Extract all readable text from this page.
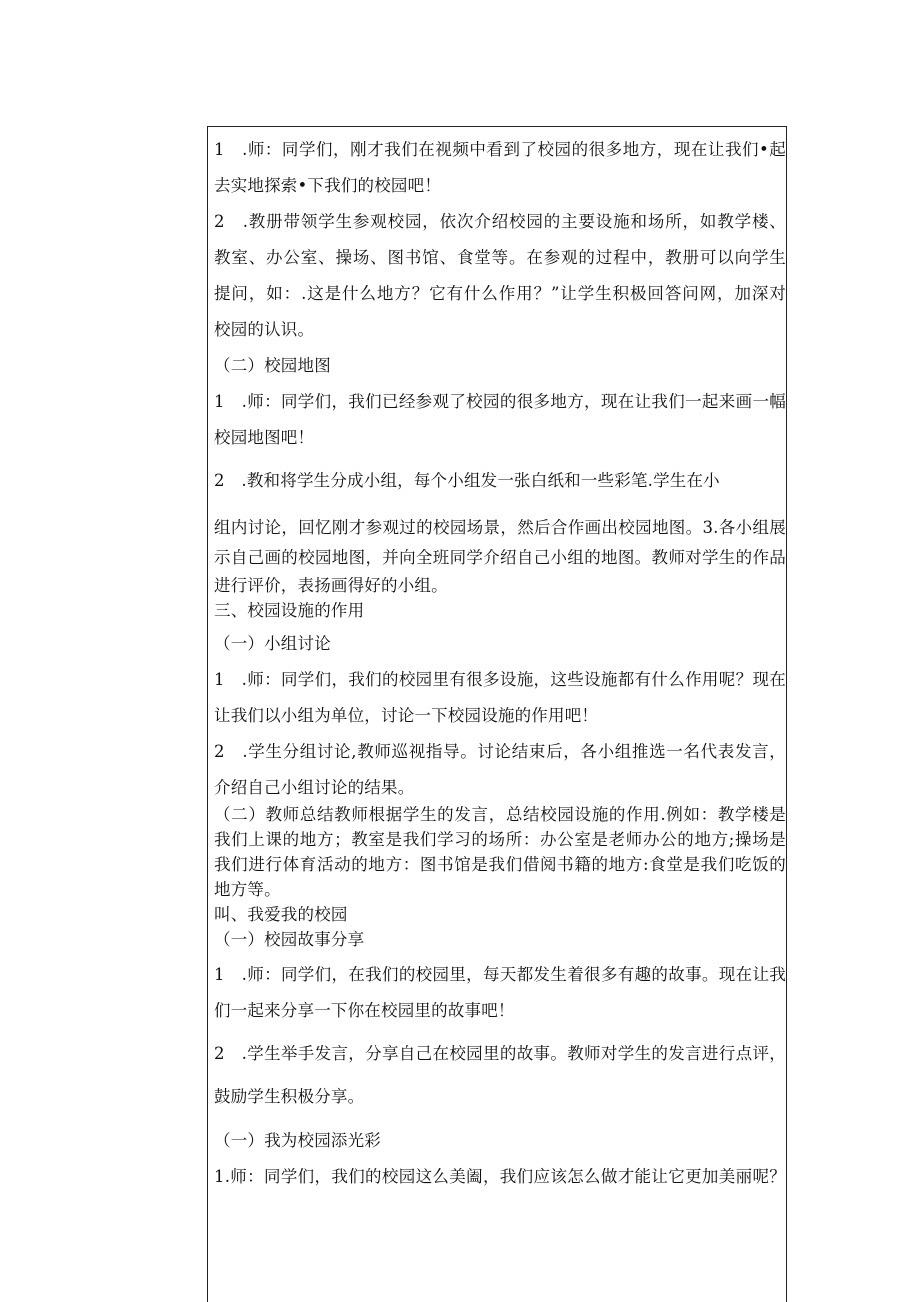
1　.师：同学们，刚才我们在视频中看到了校园的很多地方，现在让我们•起
去实地探索•下我们的校园吧！
2　.教册带领学生参观校园，依次介绍校园的主要设施和场所，如教学楼、
教室、办公室、操场、图书馆、食堂等。在参观的过程中，教册可以向学生
提问，如：.这是什么地方？它有什么作用？”让学生积极回答问网，加深对
校园的认识。
（二）校园地图
1　.师：同学们，我们已经参观了校园的很多地方，现在让我们一起来画一幅
校园地图吧！
2　.教和将学生分成小组，每个小组发一张白纸和一些彩笔.学生在小
组内讨论，回忆刚才参观过的校园场景，然后合作画出校园地图。3.各小组展
示自己画的校园地图，并向全班同学介绍自己小组的地图。教师对学生的作品
进行评价，表扬画得好的小组。
三、校园设施的作用
（一）小组讨论
1　.师：同学们，我们的校园里有很多设施，这些设施都有什么作用呢？现在
让我们以小组为单位，讨论一下校园设施的作用吧！
2　.学生分组讨论,教师巡视指导。讨论结束后，各小组推选一名代表发言，
介绍自己小组讨论的结果。
（二）教师总结教师根据学生的发言，总结校园设施的作用.例如：教学楼是
我们上课的地方；教室是我们学习的场所：办公室是老师办公的地方;操场是
我们进行体育活动的地方：图书馆是我们借阅书籍的地方:食堂是我们吃饭的
地方等。
叫、我爱我的校园
（一）校园故事分享
1　.师：同学们，在我们的校园里，每天都发生着很多有趣的故事。现在让我
们一起来分享一下你在校园里的故事吧！
2　.学生举手发言，分享自己在校园里的故事。教师对学生的发言进行点评，
鼓励学生积极分享。
（一）我为校园添光彩
1.师：同学们，我们的校园这么美阖，我们应该怎么做才能让它更加美丽呢？
